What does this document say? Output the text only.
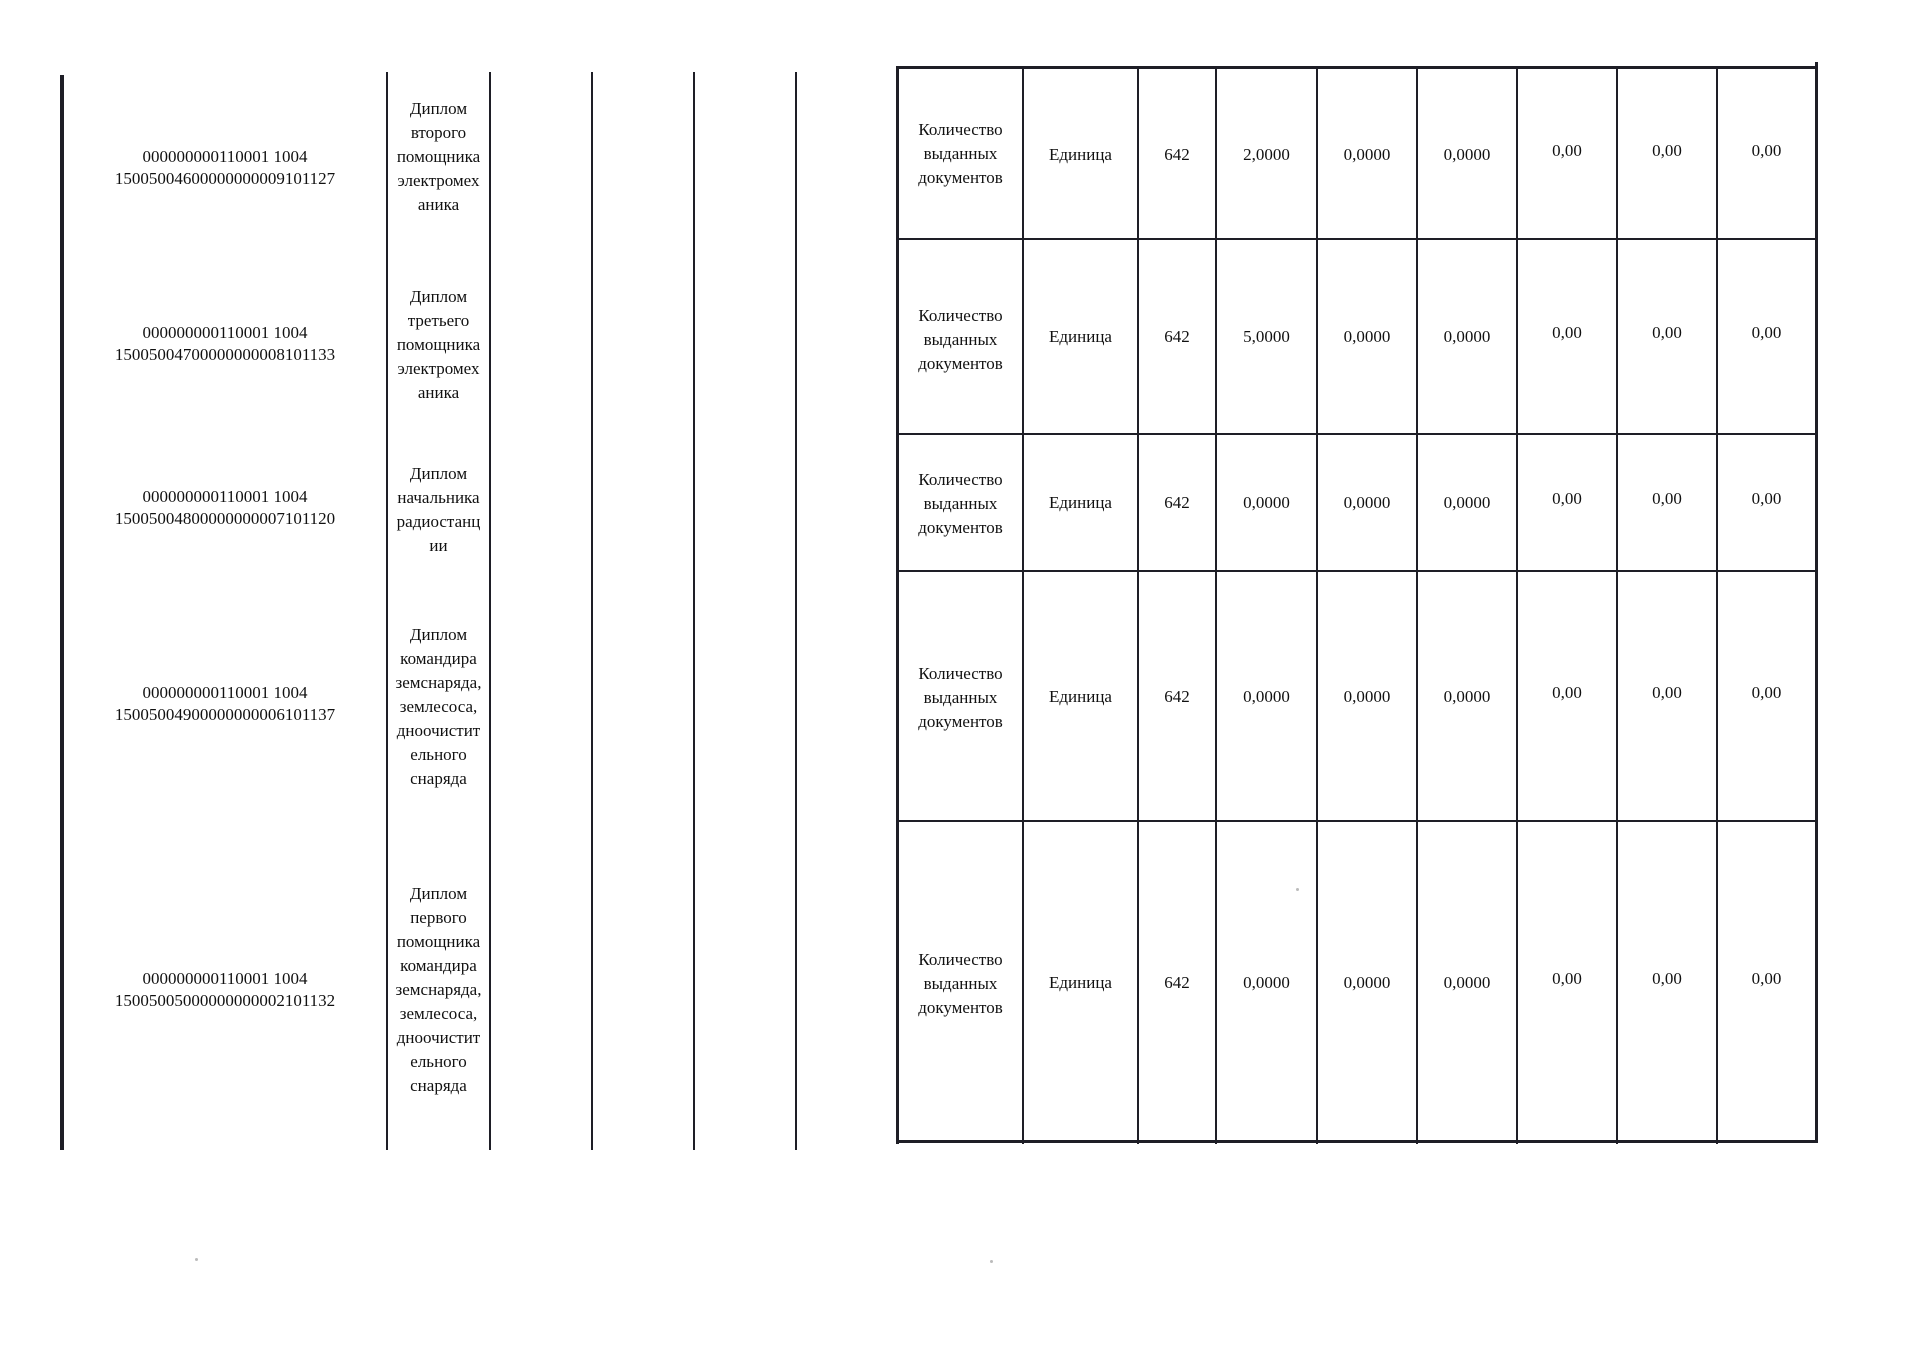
000000000110001 1004
15005004600000000009101127
Диплом второго помощника электромех аника
Количество выданных документов
Единица	642	2,0000	0,0000	0,0000	0,00	0,00	0,00
000000000110001 1004
15005004700000000008101133
Диплом третьего помощника электромех аника
Количество выданных документов
Единица	642	5,0000	0,0000	0,0000	0,00	0,00	0,00
000000000110001 1004
15005004800000000007101120
Диплом начальника радиостанц ии
Количество выданных документов
Единица	642	0,0000	0,0000	0,0000	0,00	0,00	0,00
000000000110001 1004
15005004900000000006101137
Диплом командира земснаряда, землесоса, дноочистит ельного снаряда
Количество выданных документов
Единица	642	0,0000	0,0000	0,0000	0,00	0,00	0,00
000000000110001 1004
15005005000000000002101132
Диплом первого помощника командира земснаряда, землесоса, дноочистит ельного снаряда
Количество выданных документов
Единица	642	0,0000	0,0000	0,0000	0,00	0,00	0,00
